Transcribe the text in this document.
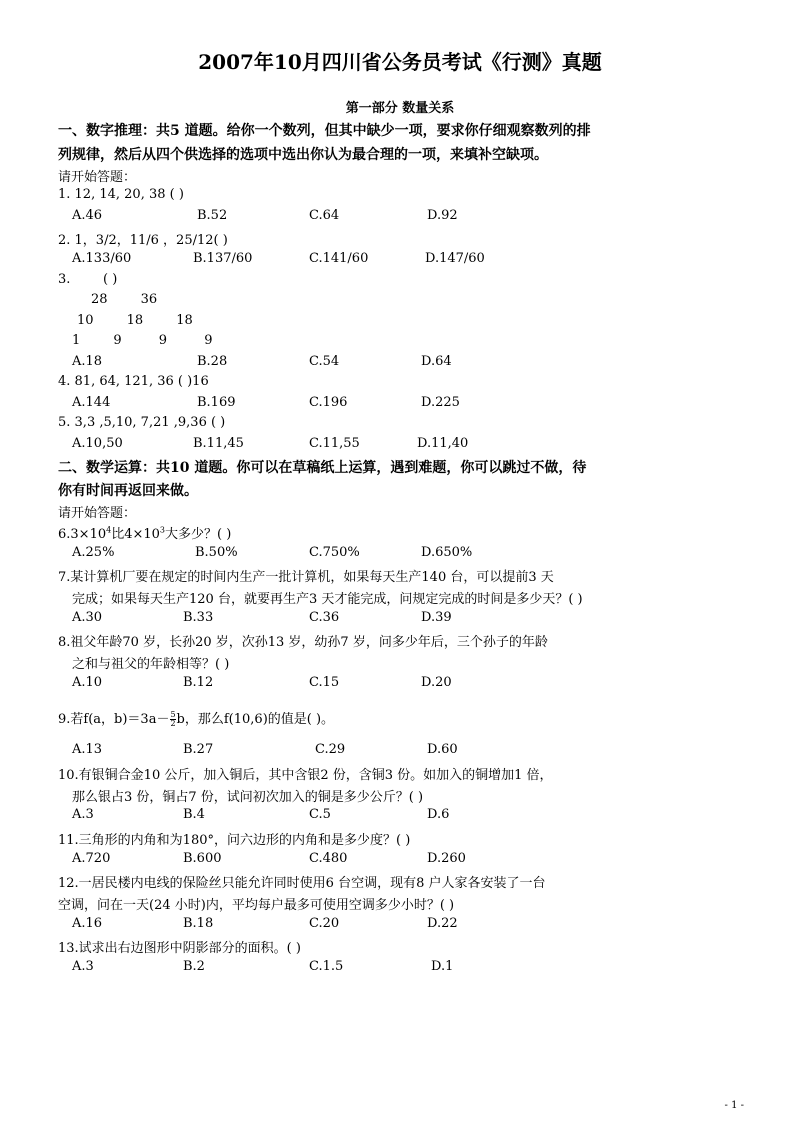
2007年10月四川省公务员考试《行测》真题
第一部分 数量关系
一、数字推理：共5 道题。给你一个数列，但其中缺少一项，要求你仔细观察数列的排
列规律，然后从四个供选择的选项中选出你认为最合理的一项，来填补空缺项。
请开始答题：
1. 12, 14, 20, 38 ( )
A.46	B.52	C.64	D.92
2. 1，3/2，11/6 ，25/12( )
A.133/60	B.137/60	C.141/60	D.147/60
3.	( )
28        36
10        18        18
1        9         9         9
A.18	B.28	C.54	D.64
4. 81, 64, 121, 36 ( )16
A.144	B.169	C.196	D.225
5. 3,3 ,5,10, 7,21 ,9,36 ( )
A.10,50	B.11,45	C.11,55	D.11,40
二、数学运算：共10 道题。你可以在草稿纸上运算，遇到难题，你可以跳过不做，待
你有时间再返回来做。
请开始答题：
$6.3\times 10^4$比$4\times 10^3$大多少？( )
A.25%	B.50%	C.750%	D.650%
7.某计算机厂要在规定的时间内生产一批计算机，如果每天生产140 台，可以提前3 天
完成；如果每天生产120 台，就要再生产3 天才能完成，问规定完成的时间是多少天？( )
A.30	B.33	C.36	D.39
8.祖父年龄70 岁，长孙20 岁，次孙13 岁，幼孙7 岁，问多少年后，三个孙子的年龄
之和与祖父的年龄相等？( )
A.10	B.12	C.15	D.20
9.若f(a，$b)=3a- \frac{5}{2}$ b，那么f(10,6)的值是( )。
A.13	B.27	C.29	D.60
10.有银铜合金10 公斤，加入铜后，其中含银2 份，含铜3 份。如加入的铜增加1 倍，
那么银占3 份，铜占7 份，试问初次加入的铜是多少公斤？( )
A.3	B.4	C.5	D.6
11.三角形的内角和为180°，问六边形的内角和是多少度？( )
A.720	B.600	C.480	D.260
12.一居民楼内电线的保险丝只能允许同时使用6 台空调，现有8 户人家各安装了一台
空调，问在一天(24 小时)内，平均每户最多可使用空调多少小时？( )
A.16	B.18	C.20	D.22
13.试求出右边图形中阴影部分的面积。( )
A.3	B.2	C.1.5	D.1
- 1 -
